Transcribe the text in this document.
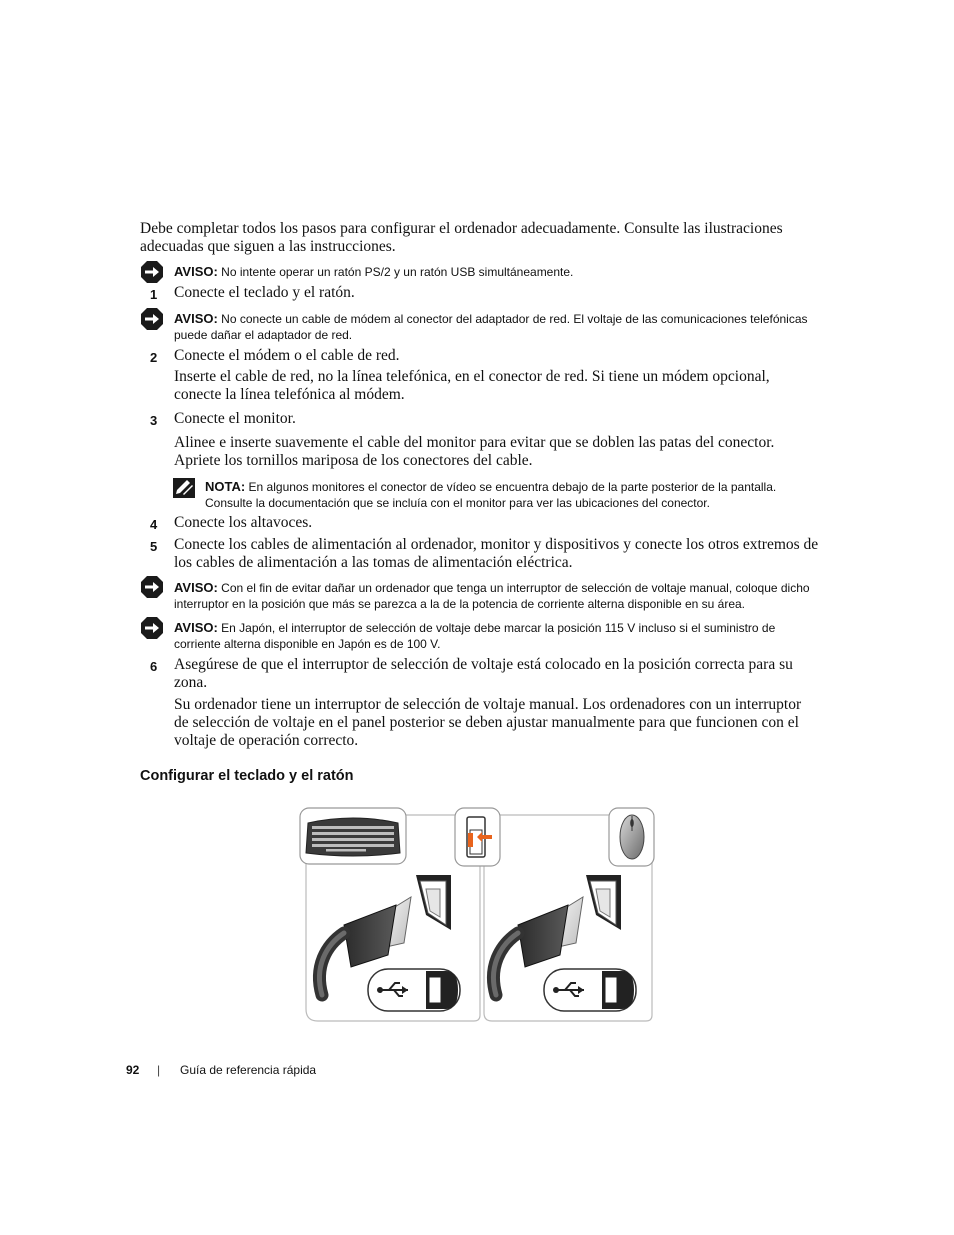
Debe completar todos los pasos para configurar el ordenador adecuadamente. Consulte las ilustraciones adecuadas que siguen a las instrucciones.
AVISO: No intente operar un ratón PS/2 y un ratón USB simultáneamente.
1 Conecte el teclado y el ratón.
AVISO: No conecte un cable de módem al conector del adaptador de red. El voltaje de las comunicaciones telefónicas puede dañar el adaptador de red.
2 Conecte el módem o el cable de red.
Inserte el cable de red, no la línea telefónica, en el conector de red. Si tiene un módem opcional, conecte la línea telefónica al módem.
3 Conecte el monitor.
Alinee e inserte suavemente el cable del monitor para evitar que se doblen las patas del conector. Apriete los tornillos mariposa de los conectores del cable.
NOTA: En algunos monitores el conector de vídeo se encuentra debajo de la parte posterior de la pantalla. Consulte la documentación que se incluía con el monitor para ver las ubicaciones del conector.
4 Conecte los altavoces.
5 Conecte los cables de alimentación al ordenador, monitor y dispositivos y conecte los otros extremos de los cables de alimentación a las tomas de alimentación eléctrica.
AVISO: Con el fin de evitar dañar un ordenador que tenga un interruptor de selección de voltaje manual, coloque dicho interruptor en la posición que más se parezca a la de la potencia de corriente alterna disponible en su área.
AVISO: En Japón, el interruptor de selección de voltaje debe marcar la posición 115 V incluso si el suministro de corriente alterna disponible en Japón es de 100 V.
6 Asegúrese de que el interruptor de selección de voltaje está colocado en la posición correcta para su zona.
Su ordenador tiene un interruptor de selección de voltaje manual. Los ordenadores con un interruptor de selección de voltaje en el panel posterior se deben ajustar manualmente para que funcionen con el voltaje de operación correcto.
Configurar el teclado y el ratón
92 | Guía de referencia rápida
